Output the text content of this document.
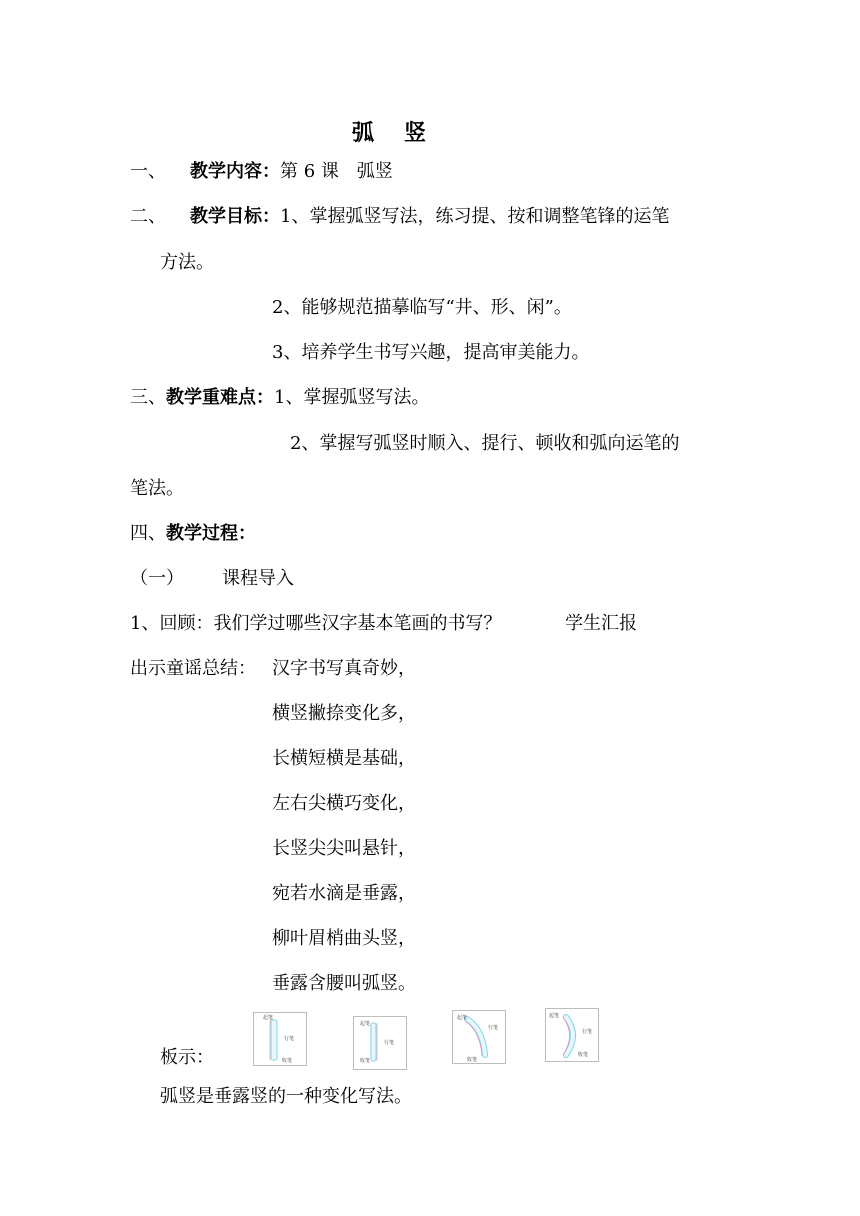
弧 竖
一、 教学内容：第 6 课　弧竖
二、 教学目标：1、掌握弧竖写法，练习提、按和调整笔锋的运笔
方法。
2、能够规范描摹临写“井、形、闲”。
3、培养学生书写兴趣，提高审美能力。
三、教学重难点：1、掌握弧竖写法。
2、掌握写弧竖时顺入、提行、顿收和弧向运笔的
笔法。
四、教学过程：
（一） 课程导入
1、回顾：我们学过哪些汉字基本笔画的书写？	学生汇报
出示童谣总结： 汉字书写真奇妙，
横竖撇捺变化多，
长横短横是基础，
左右尖横巧变化，
长竖尖尖叫悬针，
宛若水滴是垂露，
柳叶眉梢曲头竖，
垂露含腰叫弧竖。
板示：
起笔
行笔
收笔
起笔
行笔
收笔
起笔
行笔
收笔
起笔
行笔
收笔
弧竖是垂露竖的一种变化写法。
